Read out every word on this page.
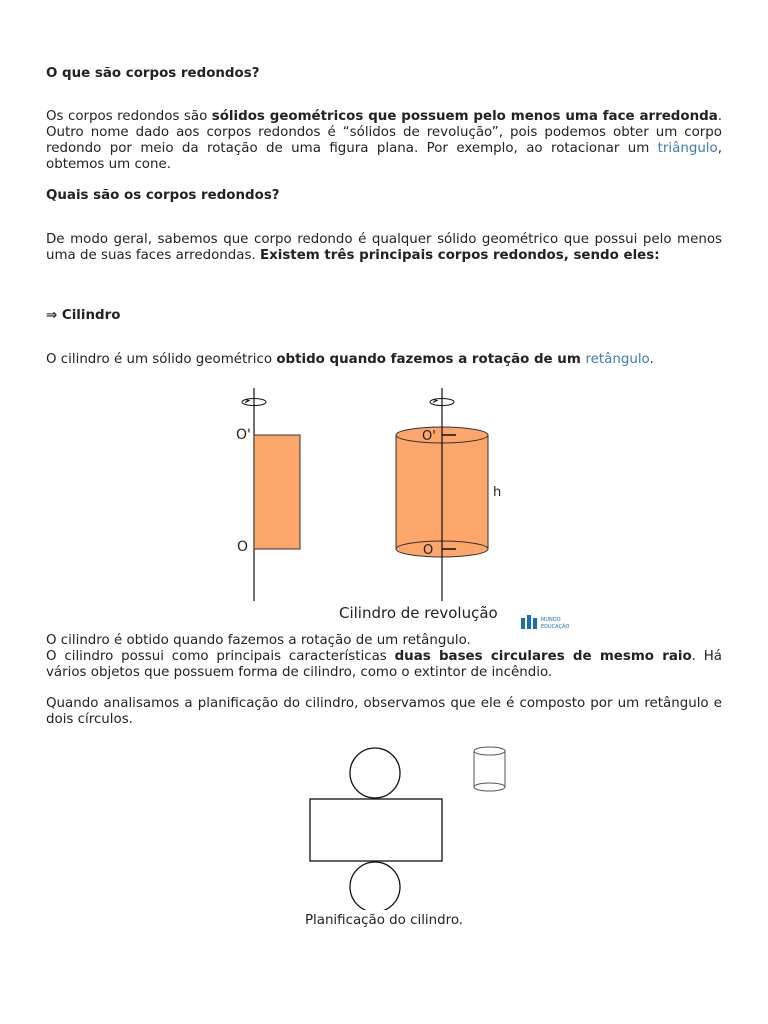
O que são corpos redondos?
Os corpos redondos são sólidos geométricos que possuem pelo menos uma face arredonda. Outro nome dado aos corpos redondos é “sólidos de revolução”, pois podemos obter um corpo redondo por meio da rotação de uma figura plana. Por exemplo, ao rotacionar um triângulo, obtemos um cone.
Quais são os corpos redondos?
De modo geral, sabemos que corpo redondo é qualquer sólido geométrico que possui pelo menos uma de suas faces arredondas. Existem três principais corpos redondos, sendo eles:
⇒ Cilindro
O cilindro é um sólido geométrico obtido quando fazemos a rotação de um retângulo.
O cilindro é obtido quando fazemos a rotação de um retângulo.
O cilindro possui como principais características duas bases circulares de mesmo raio. Há vários objetos que possuem forma de cilindro, como o extintor de incêndio.
Quando analisamos a planificação do cilindro, observamos que ele é composto por um retângulo e dois círculos.
O'
O
O'
O
h
Cilindro de revolução	MUNDO
EDUCAÇÃO
Planificação do cilindro.
